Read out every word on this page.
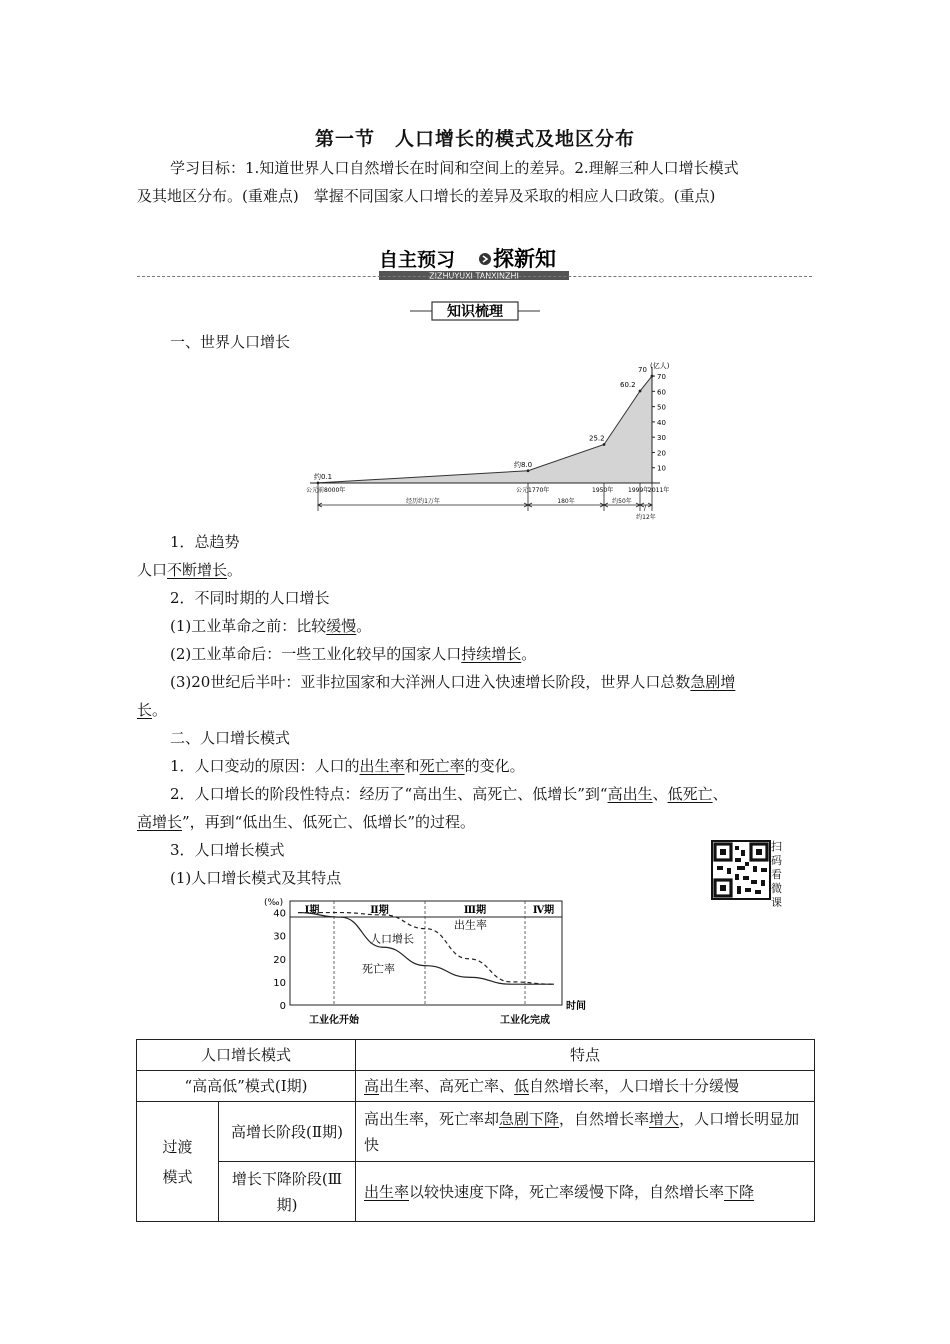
第一节　人口增长的模式及地区分布
学习目标：1.知道世界人口自然增长在时间和空间上的差异。2.理解三种人口增长模式
及其地区分布。(重难点)　掌握不同国家人口增长的差异及采取的相应人口政策。(重点)
自主预习 探新知
ZIZHUYUXI TANXINZHI
知识梳理
一、世界人口增长
10
20
30
40
50
60
70
(亿人)
约0.1
公元前8000年
约8.0
公元1770年
25.2
1950年
60.2
1999年
70
2011年
经历约1万年	180年	约50年
约12年
1．总趋势
人口不断增长。
2．不同时期的人口增长
(1)工业革命之前：比较缓慢。
(2)工业革命后：一些工业化较早的国家人口持续增长。
(3)20世纪后半叶：亚非拉国家和大洋洲人口进入快速增长阶段，世界人口总数急剧增
长。
二、人口增长模式
1．人口变动的原因：人口的出生率和死亡率的变化。
2．人口增长的阶段性特点：经历了“高出生、高死亡、低增长”到“高出生、低死亡、
高增长”，再到“低出生、低死亡、低增长”的过程。
3．人口增长模式
(1)人口增长模式及其特点
扫码看微课
Ⅰ期	Ⅱ期	Ⅲ期	Ⅳ期
0
10
20
30
40
(‰)
时间
出生率
死亡率
人口增长
工业化开始	工业化完成
人口增长模式		特点
“高高低”模式(Ⅰ期)		高出生率、高死亡率、低自然增长率，人口增长十分缓慢
过渡
模式	高增长阶段(Ⅱ期)	高出生率，死亡率却急剧下降，自然增长率增大，人口增长明显加快
	增长下降阶段(Ⅲ期)	出生率以较快速度下降，死亡率缓慢下降，自然增长率下降
